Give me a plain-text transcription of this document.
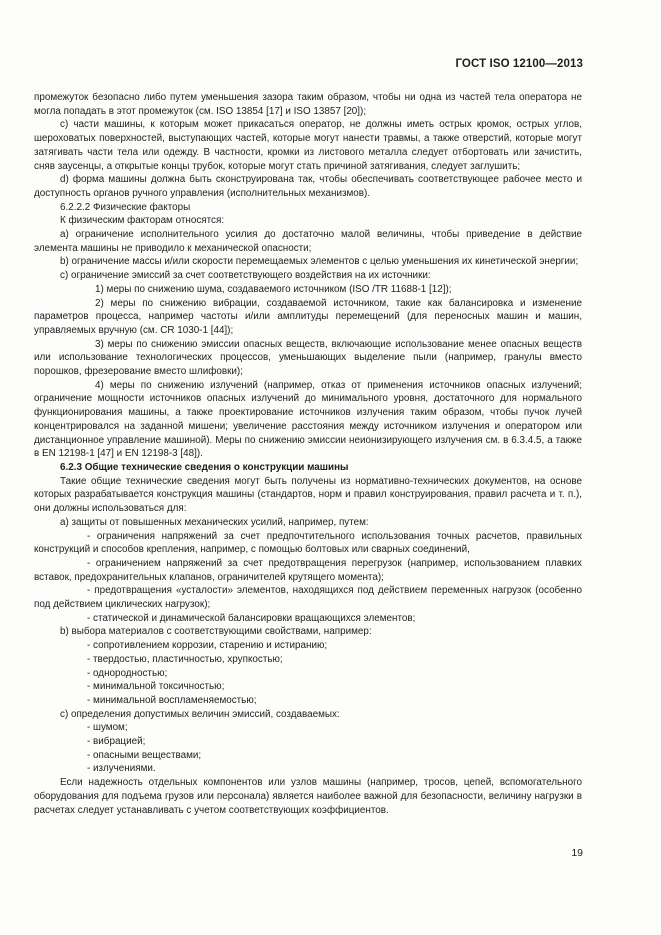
ГОСТ ISO 12100—2013

промежуток безопасно либо путем уменьшения зазора таким образом, чтобы ни одна из частей тела оператора не могла попадать в этот промежуток (см. ISO 13854 [17] и ISO 13857 [20]);

c) части машины, к которым может прикасаться оператор, не должны иметь острых кромок, острых углов, шероховатых поверхностей, выступающих частей, которые могут нанести травмы, а также отверстий, которые могут затягивать части тела или одежду. В частности, кромки из листового металла следует отбортовать или зачистить, сняв заусенцы, а открытые концы трубок, которые могут стать причиной затягивания, следует заглушить;

d) форма машины должна быть сконструирована так, чтобы обеспечивать соответствующее рабочее место и доступность органов ручного управления (исполнительных механизмов).

6.2.2.2 Физические факторы

К физическим факторам относятся:

a) ограничение исполнительного усилия до достаточно малой величины, чтобы приведение в действие элемента машины не приводило к механической опасности;

b) ограничение массы и/или скорости перемещаемых элементов с целью уменьшения их кинетической энергии;

c) ограничение эмиссий за счет соответствующего воздействия на их источники:

1) меры по снижению шума, создаваемого источником (ISO /TR 11688-1 [12]);

2) меры по снижению вибрации, создаваемой источником, такие как балансировка и изменение параметров процесса, например частоты и/или амплитуды перемещений (для переносных машин и машин, управляемых вручную (см. CR 1030-1 [44]);

3) меры по снижению эмиссии опасных веществ, включающие использование менее опасных веществ или использование технологических процессов, уменьшающих выделение пыли (например, гранулы вместо порошков, фрезерование вместо шлифовки);

4) меры по снижению излучений (например, отказ от применения источников опасных излучений; ограничение мощности источников опасных излучений до минимального уровня, достаточного для нормального функционирования машины, а также проектирование источников излучения таким образом, чтобы пучок лучей концентрировался на заданной мишени; увеличение расстояния между источником излучения и оператором или дистанционное управление машиной). Меры по снижению эмиссии неионизирующего излучения см. в 6.3.4.5, а также в EN 12198-1 [47] и EN 12198-3 [48]).

6.2.3 Общие технические сведения о конструкции машины

Такие общие технические сведения могут быть получены из нормативно-технических документов, на основе которых разрабатывается конструкция машины (стандартов, норм и правил конструирования, правил расчета и т. п.), они должны использоваться для:

a) защиты от повышенных механических усилий, например, путем:

- ограничения напряжений за счет предпочтительного использования точных расчетов, правильных конструкций и способов крепления, например, с помощью болтовых или сварных соединений,

- ограничением напряжений за счет предотвращения перегрузок (например, использованием плавких вставок, предохранительных клапанов, ограничителей крутящего момента);

- предотвращения «усталости» элементов, находящихся под действием переменных нагрузок (особенно под действием циклических нагрузок);

- статической и динамической балансировки вращающихся элементов;

b) выбора материалов с соответствующими свойствами, например:

- сопротивлением коррозии, старению и истиранию;

- твердостью, пластичностью, хрупкостью;

- однородностью;

- минимальной токсичностью;

- минимальной воспламеняемостью;

c) определения допустимых величин эмиссий, создаваемых:

- шумом;

- вибрацией;

- опасными веществами;

- излучениями.

Если надежность отдельных компонентов или узлов машины (например, тросов, цепей, вспомогательного оборудования для подъема грузов или персонала) является наиболее важной для безопасности, величину нагрузки в расчетах следует устанавливать с учетом соответствующих коэффициентов.

19
